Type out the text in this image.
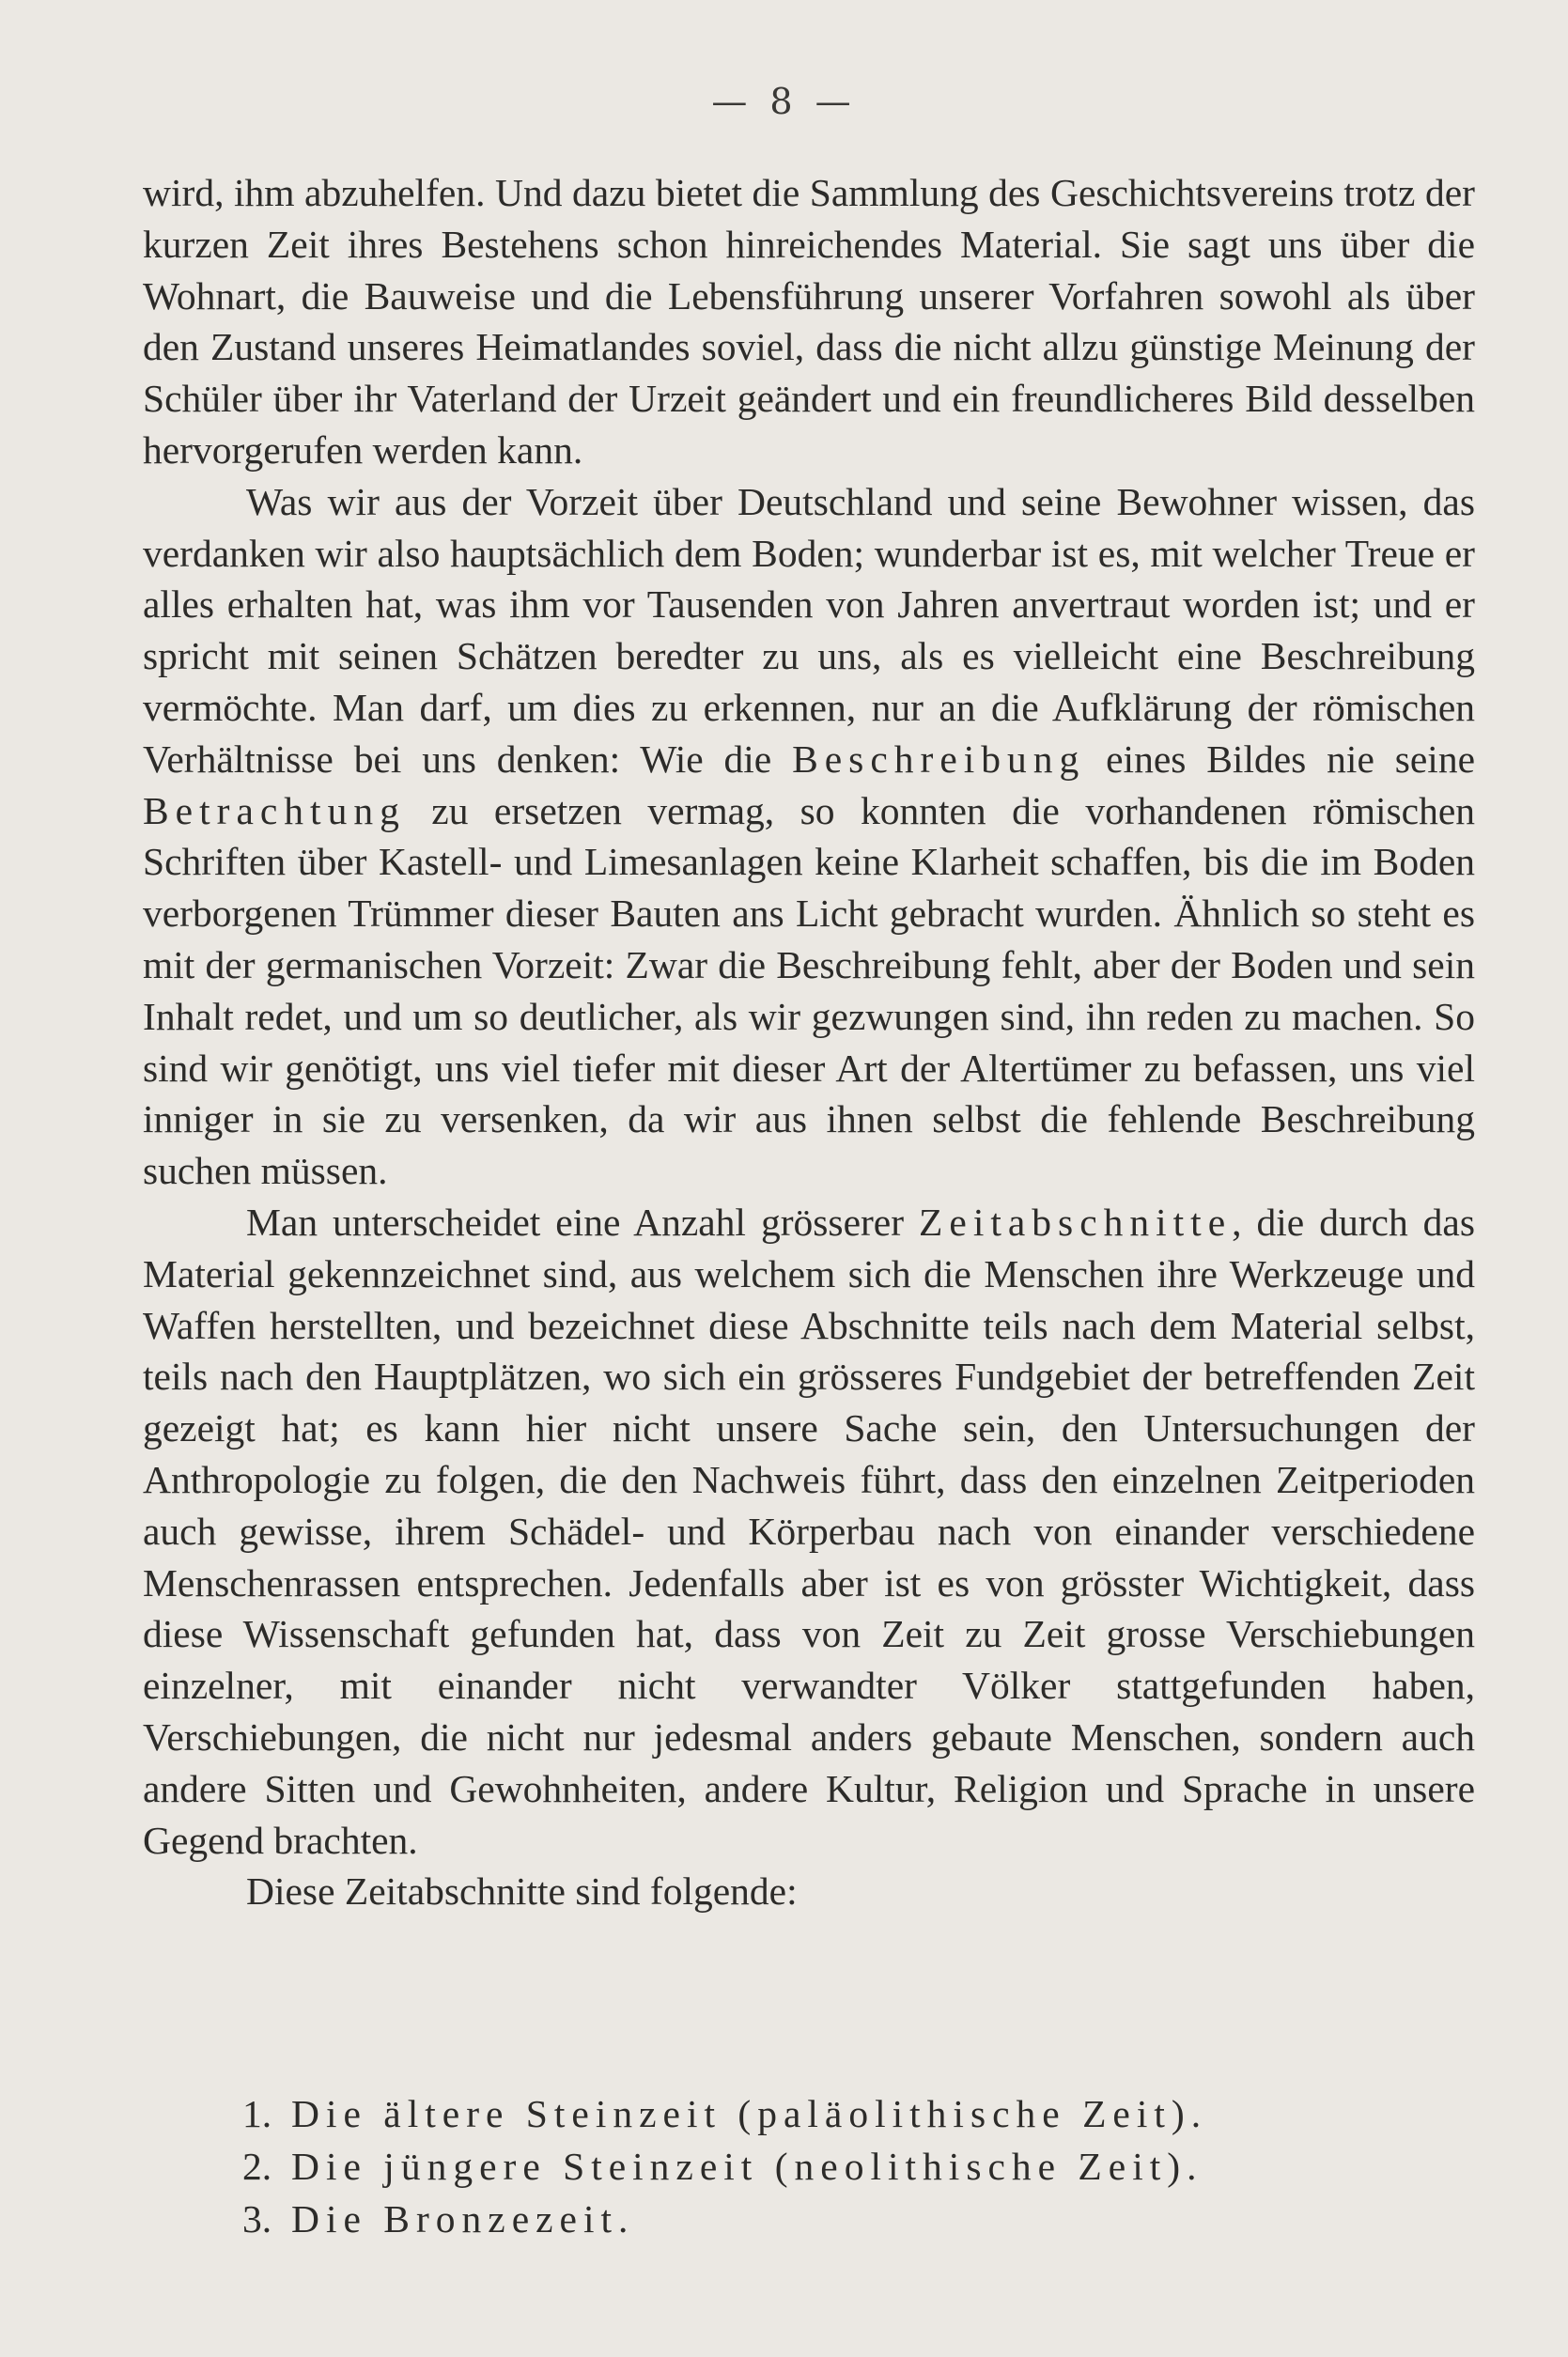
— 8 —

wird, ihm abzuhelfen. Und dazu bietet die Sammlung des Geschichtsvereins trotz der kurzen Zeit ihres Bestehens schon hinreichendes Material. Sie sagt uns über die Wohnart, die Bauweise und die Lebensführung unserer Vorfahren sowohl als über den Zustand unseres Heimatlandes soviel, dass die nicht allzu günstige Meinung der Schüler über ihr Vaterland der Urzeit geändert und ein freundlicheres Bild desselben hervorgerufen werden kann.

Was wir aus der Vorzeit über Deutschland und seine Bewohner wissen, das verdanken wir also hauptsächlich dem Boden; wunderbar ist es, mit welcher Treue er alles erhalten hat, was ihm vor Tausenden von Jahren anvertraut worden ist; und er spricht mit seinen Schätzen beredter zu uns, als es vielleicht eine Beschreibung vermöchte. Man darf, um dies zu erkennen, nur an die Aufklärung der römischen Verhältnisse bei uns denken: Wie die Beschreibung eines Bildes nie seine Betrachtung zu ersetzen vermag, so konnten die vorhandenen römischen Schriften über Kastell- und Limesanlagen keine Klarheit schaffen, bis die im Boden verborgenen Trümmer dieser Bauten ans Licht gebracht wurden. Ähnlich so steht es mit der germanischen Vorzeit: Zwar die Beschreibung fehlt, aber der Boden und sein Inhalt redet, und um so deutlicher, als wir gezwungen sind, ihn reden zu machen. So sind wir genötigt, uns viel tiefer mit dieser Art der Altertümer zu befassen, uns viel inniger in sie zu versenken, da wir aus ihnen selbst die fehlende Beschreibung suchen müssen.

Man unterscheidet eine Anzahl grösserer Zeitabschnitte, die durch das Material gekennzeichnet sind, aus welchem sich die Menschen ihre Werkzeuge und Waffen herstellten, und bezeichnet diese Abschnitte teils nach dem Material selbst, teils nach den Hauptplätzen, wo sich ein grösseres Fundgebiet der betreffenden Zeit gezeigt hat; es kann hier nicht unsere Sache sein, den Untersuchungen der Anthropologie zu folgen, die den Nachweis führt, dass den einzelnen Zeitperioden auch gewisse, ihrem Schädel- und Körperbau nach von einander verschiedene Menschenrassen entsprechen. Jedenfalls aber ist es von grösster Wichtigkeit, dass diese Wissenschaft gefunden hat, dass von Zeit zu Zeit grosse Verschiebungen einzelner, mit einander nicht verwandter Völker stattgefunden haben, Verschiebungen, die nicht nur jedesmal anders gebaute Menschen, sondern auch andere Sitten und Gewohnheiten, andere Kultur, Religion und Sprache in unsere Gegend brachten.

Diese Zeitabschnitte sind folgende:

1. Die ältere Steinzeit (paläolithische Zeit).
2. Die jüngere Steinzeit (neolithische Zeit).
3. Die Bronzezeit.
